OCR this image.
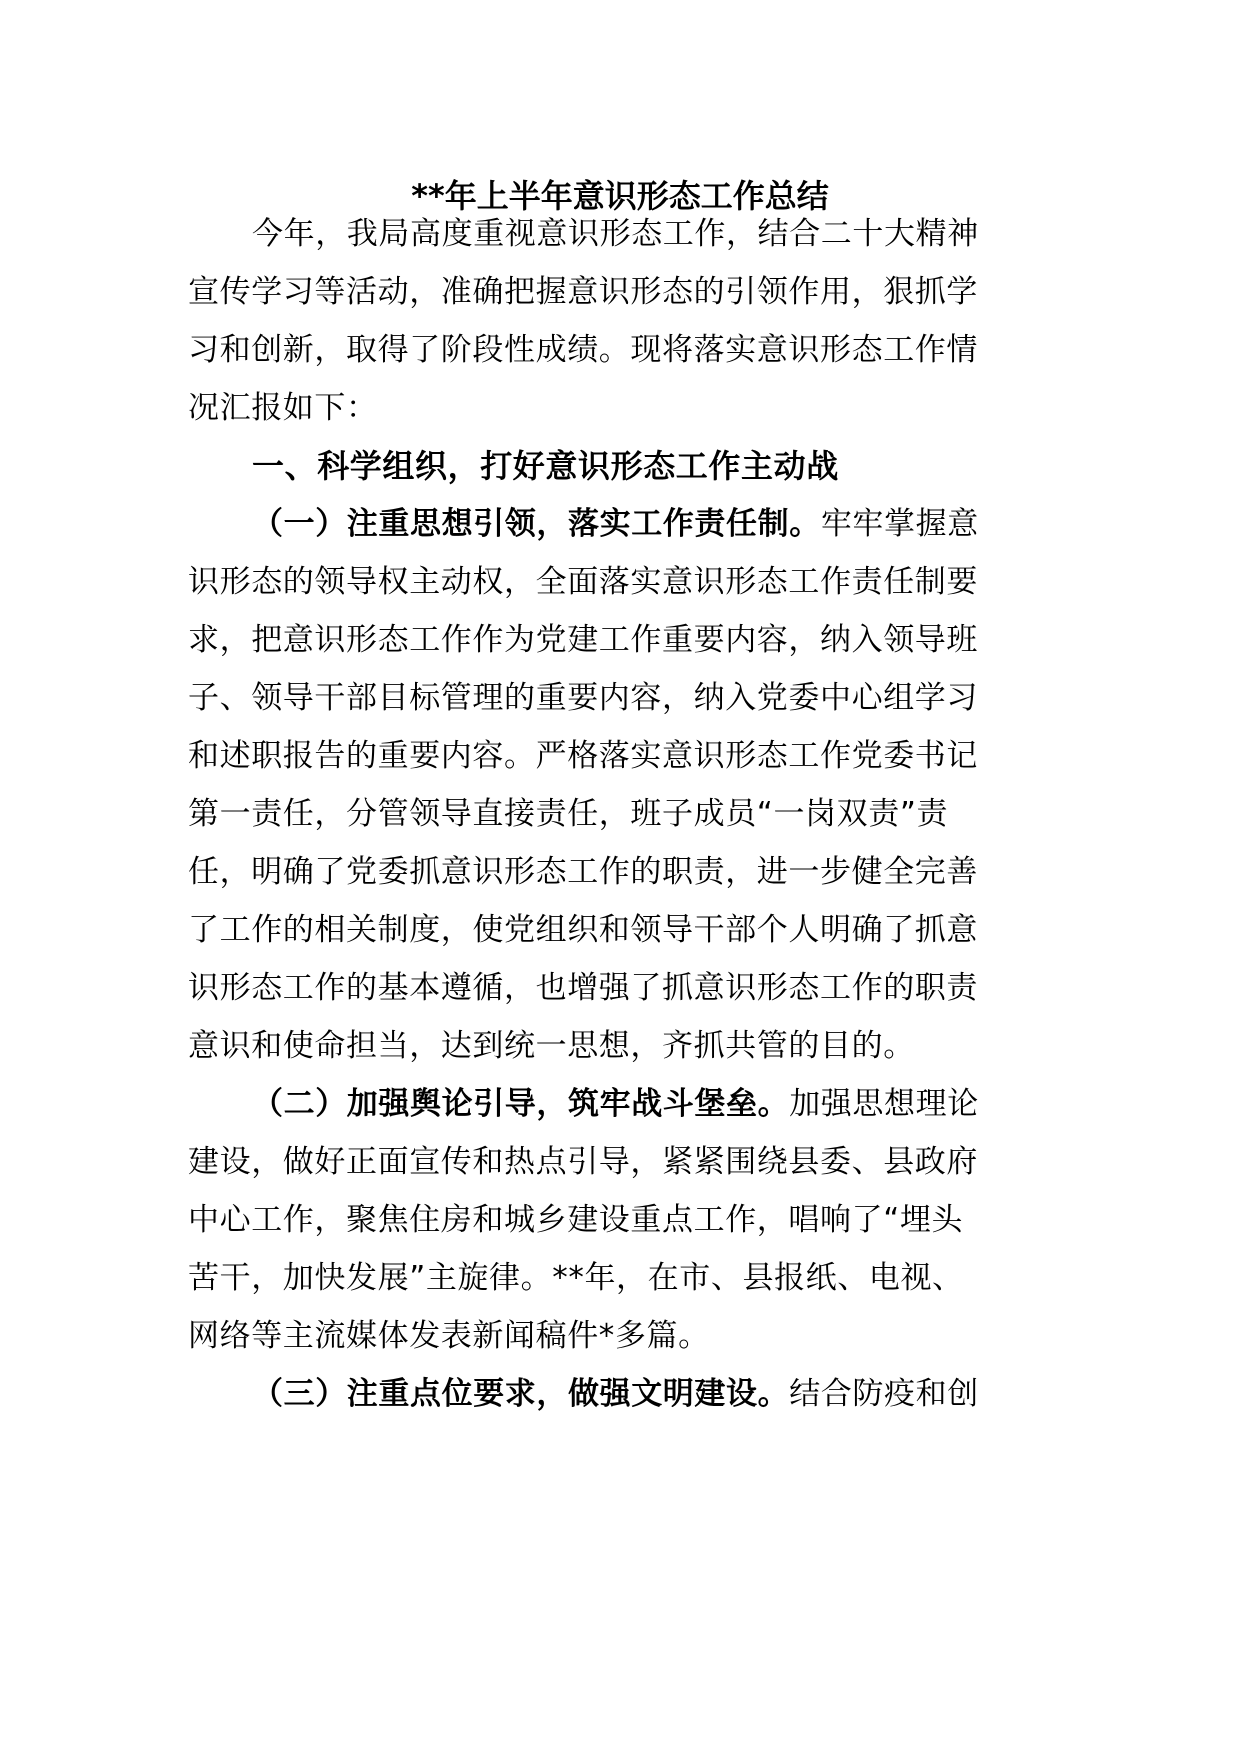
**年上半年意识形态工作总结
今年，我局高度重视意识形态工作，结合二十大精神
宣传学习等活动，准确把握意识形态的引领作用，狠抓学
习和创新，取得了阶段性成绩。现将落实意识形态工作情
况汇报如下：
一、科学组织，打好意识形态工作主动战
（一）注重思想引领，落实工作责任制。牢牢掌握意
识形态的领导权主动权，全面落实意识形态工作责任制要
求，把意识形态工作作为党建工作重要内容，纳入领导班
子、领导干部目标管理的重要内容，纳入党委中心组学习
和述职报告的重要内容。严格落实意识形态工作党委书记
第一责任，分管领导直接责任，班子成员“一岗双责”责
任，明确了党委抓意识形态工作的职责，进一步健全完善
了工作的相关制度，使党组织和领导干部个人明确了抓意
识形态工作的基本遵循，也增强了抓意识形态工作的职责
意识和使命担当，达到统一思想，齐抓共管的目的。
（二）加强舆论引导，筑牢战斗堡垒。加强思想理论
建设，做好正面宣传和热点引导，紧紧围绕县委、县政府
中心工作，聚焦住房和城乡建设重点工作，唱响了“埋头
苦干，加快发展”主旋律。**年，在市、县报纸、电视、
网络等主流媒体发表新闻稿件*多篇。
（三）注重点位要求，做强文明建设。结合防疫和创
